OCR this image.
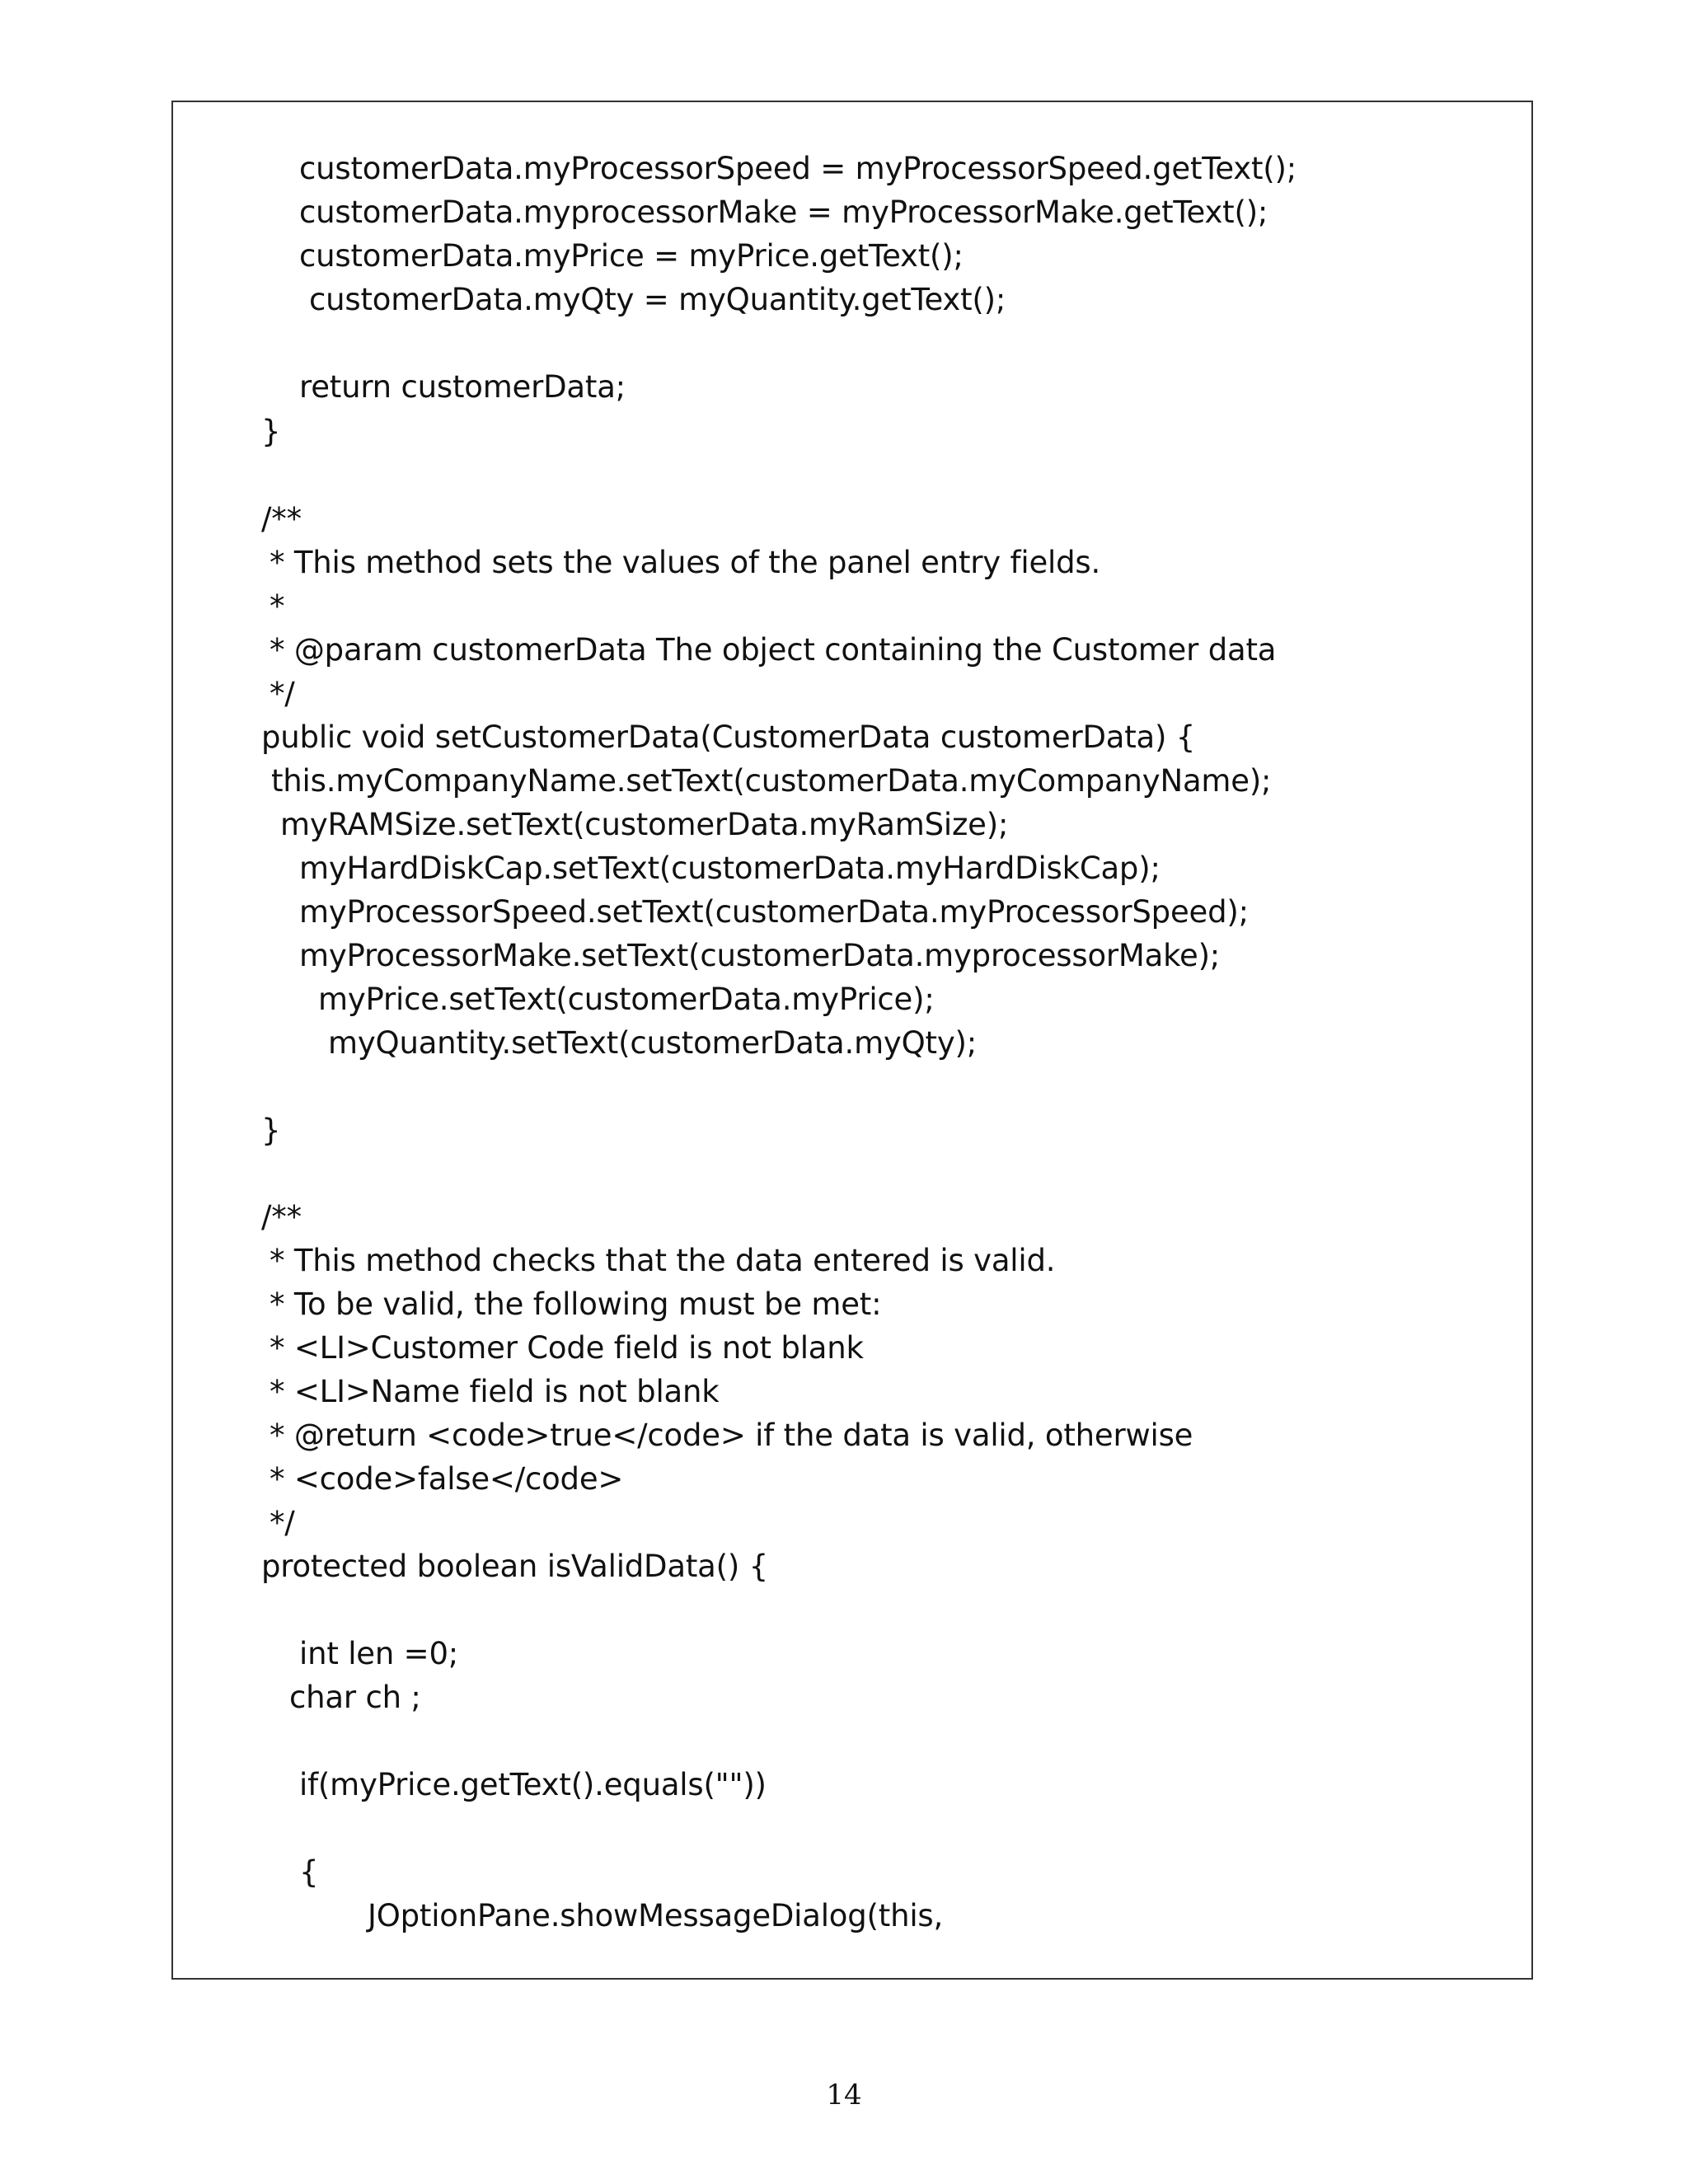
customerData.myProcessorSpeed = myProcessorSpeed.getText();
customerData.myprocessorMake = myProcessorMake.getText();
customerData.myPrice = myPrice.getText();
customerData.myQty = myQuantity.getText();
return customerData;
}
/**
* This method sets the values of the panel entry fields.
*
* @param customerData The object containing the Customer data
*/
public void setCustomerData(CustomerData customerData) {
this.myCompanyName.setText(customerData.myCompanyName);
myRAMSize.setText(customerData.myRamSize);
myHardDiskCap.setText(customerData.myHardDiskCap);
myProcessorSpeed.setText(customerData.myProcessorSpeed);
myProcessorMake.setText(customerData.myprocessorMake);
myPrice.setText(customerData.myPrice);
myQuantity.setText(customerData.myQty);
}
/**
* This method checks that the data entered is valid.
* To be valid, the following must be met:
* <LI>Customer Code field is not blank
* <LI>Name field is not blank
* @return <code>true</code> if the data is valid, otherwise
* <code>false</code>
*/
protected boolean isValidData() {
int len =0;
char ch ;
if(myPrice.getText().equals(""))
{
JOptionPane.showMessageDialog(this,
14
